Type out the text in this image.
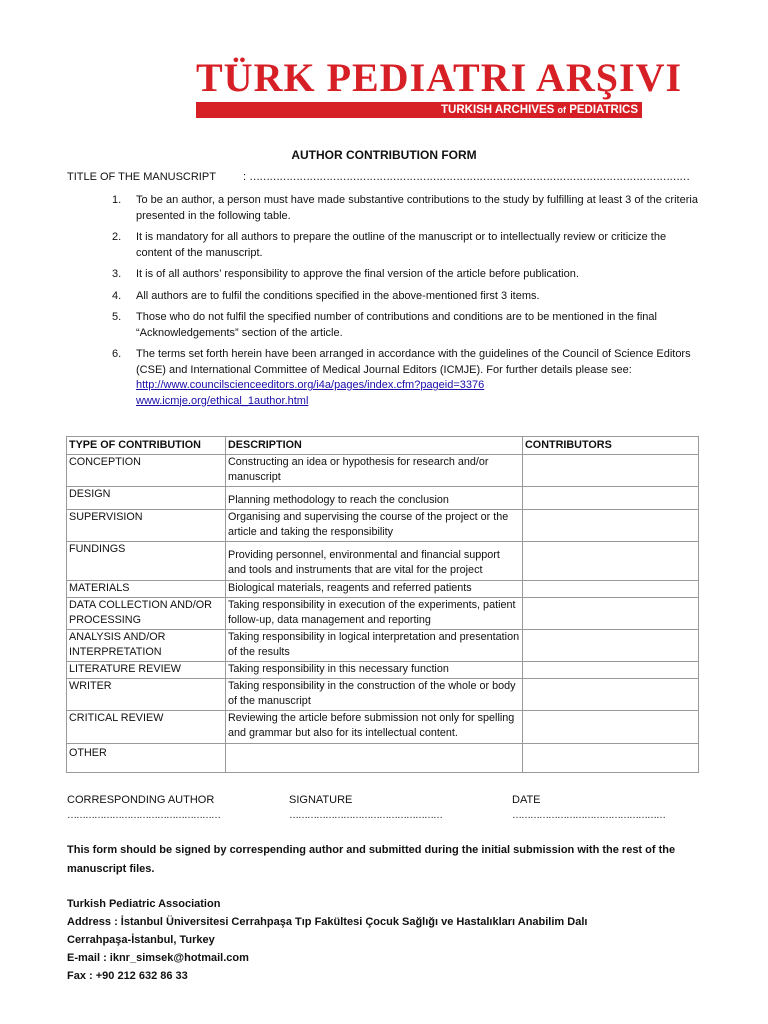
TÜRK PEDIATRI ARŞIVI
TURKISH ARCHIVES of PEDIATRICS
AUTHOR CONTRIBUTION FORM
TITLE OF THE MANUSCRIPT : ……………………………………………………………………………………………………………………
1. To be an author, a person must have made substantive contributions to the study by fulfilling at least 3 of the criteria presented in the following table.
2. It is mandatory for all authors to prepare the outline of the manuscript or to intellectually review or criticize the content of the manuscript.
3. It is of all authors’ responsibility to approve the final version of the article before publication.
4. All authors are to fulfil the conditions specified in the above-mentioned first 3 items.
5. Those who do not fulfil the specified number of contributions and conditions are to be mentioned in the final “Acknowledgements” section of the article.
6. The terms set forth herein have been arranged in accordance with the guidelines of the Council of Science Editors (CSE) and International Committee of Medical Journal Editors (ICMJE). For further details please see:
http://www.councilscienceeditors.org/i4a/pages/index.cfm?pageid=3376
www.icmje.org/ethical_1author.html
TYPE OF CONTRIBUTION	DESCRIPTION	CONTRIBUTORS
CONCEPTION	Constructing an idea or hypothesis for research and/or manuscript	
DESIGN	Planning methodology to reach the conclusion	

SUPERVISION	Organising and supervising the course of the project or the article and taking the responsibility	
FUNDINGS	Providing personnel, environmental and financial support and tools and instruments that are vital for the project	

MATERIALS	Biological materials, reagents and referred patients	
DATA COLLECTION AND/OR PROCESSING	Taking responsibility in execution of the experiments, patient follow-up, data management and reporting	
ANALYSIS AND/OR INTERPRETATION	Taking responsibility in logical interpretation and presentation of the results	
LITERATURE REVIEW	Taking responsibility in this necessary function	
WRITER	Taking responsibility in the construction of the whole or body of the manuscript	
CRITICAL REVIEW	Reviewing the article before submission not only for spelling and grammar but also for its intellectual content.	

OTHER		

CORRESPONDING AUTHOR
……………………………………………
SIGNATURE
……………………………………………
DATE
……………………………………………
This form should be signed by correspending author and submitted during the initial submission with the rest of the manuscript files.
Turkish Pediatric Association
Address : İstanbul Üniversitesi Cerrahpaşa Tıp Fakültesi Çocuk Sağlığı ve Hastalıkları Anabilim Dalı
Cerrahpaşa-İstanbul, Turkey
E-mail : iknr_simsek@hotmail.com
Fax : +90 212 632 86 33
